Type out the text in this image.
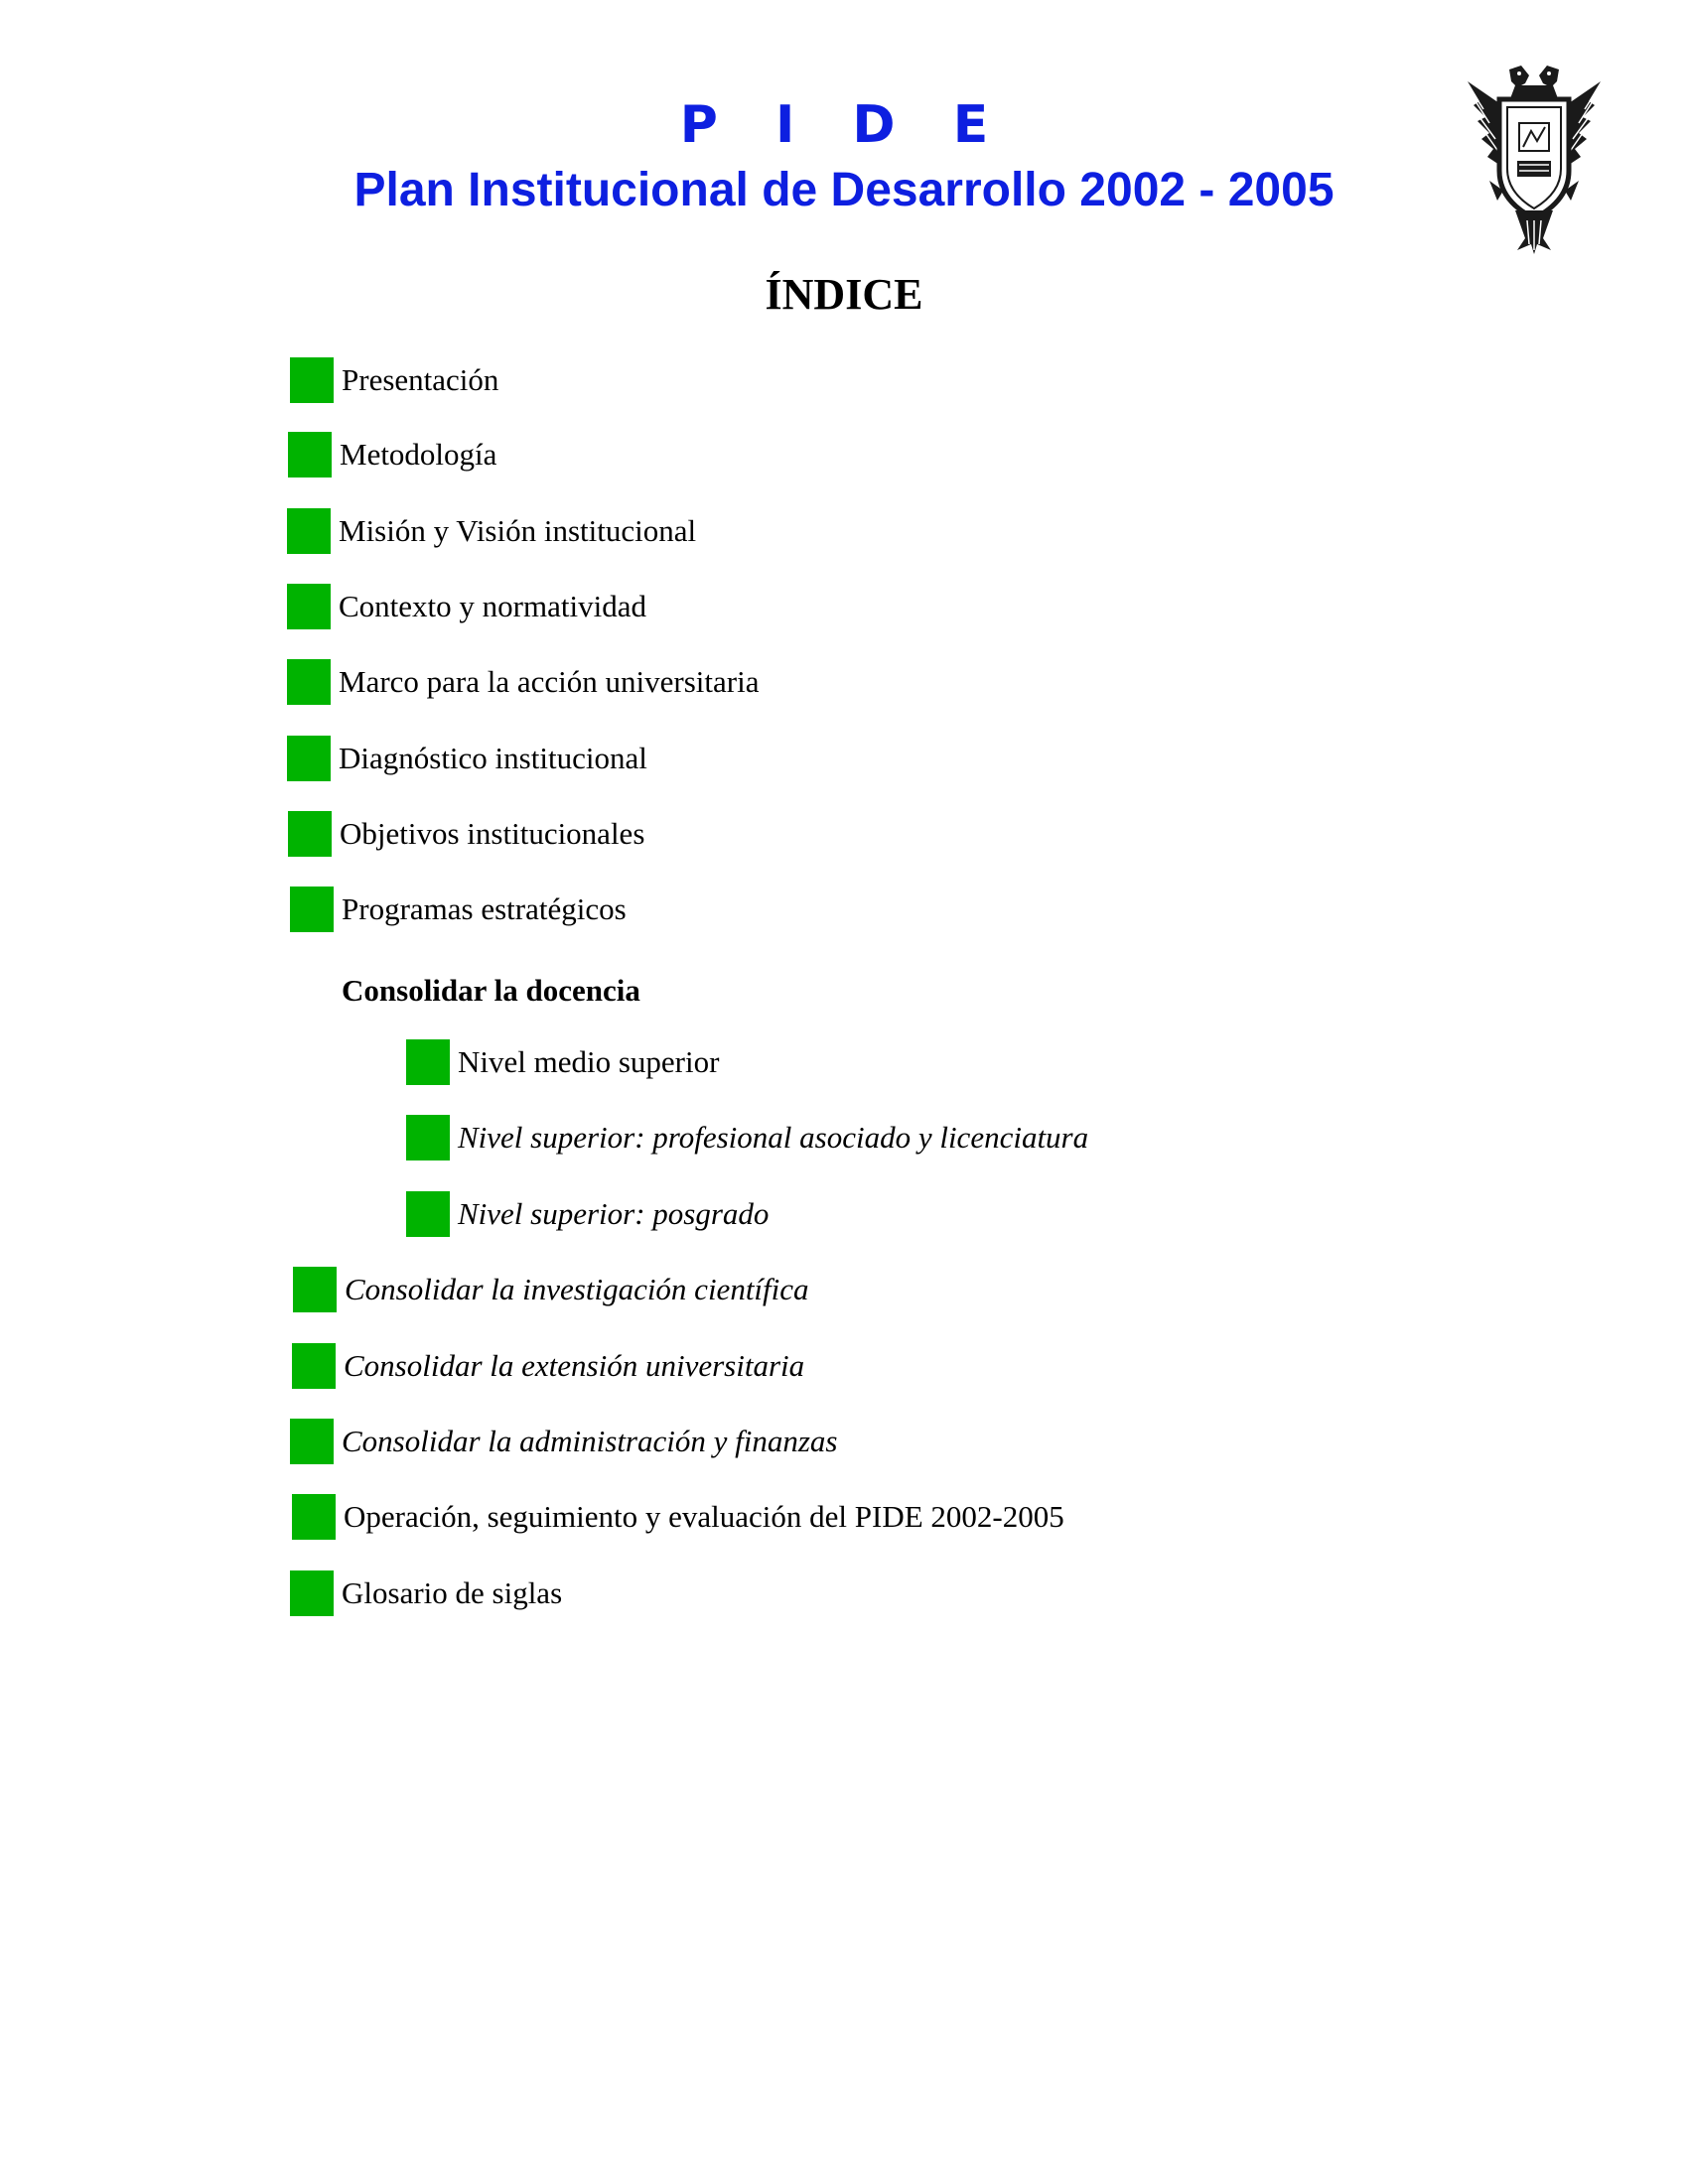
P I D E
Plan Institucional de Desarrollo 2002 - 2005
ÍNDICE
Presentación
Metodología
Misión y Visión institucional
Contexto y normatividad
Marco para la acción universitaria
Diagnóstico institucional
Objetivos institucionales
Programas estratégicos
Consolidar la docencia
Nivel medio superior
Nivel superior: profesional asociado y licenciatura
Nivel superior: posgrado
Consolidar la investigación científica
Consolidar la extensión universitaria
Consolidar la administración y finanzas
Operación, seguimiento y evaluación del PIDE 2002-2005
Glosario de siglas
